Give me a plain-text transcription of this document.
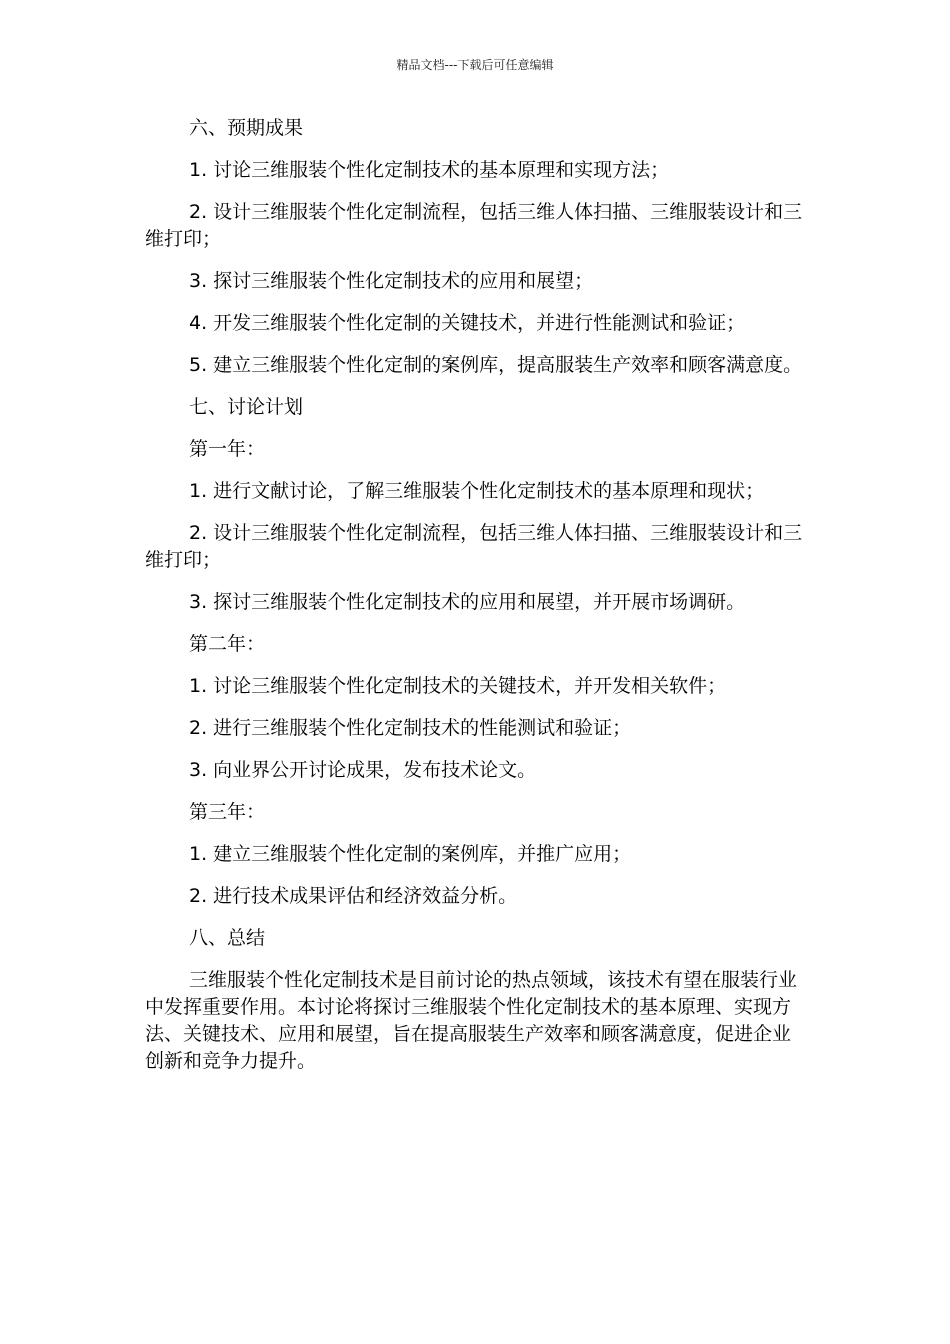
精品文档---下载后可任意编辑

六、预期成果

1. 讨论三维服装个性化定制技术的基本原理和实现方法；

2. 设计三维服装个性化定制流程，包括三维人体扫描、三维服装设计和三维打印；

3. 探讨三维服装个性化定制技术的应用和展望；

4. 开发三维服装个性化定制的关键技术，并进行性能测试和验证；

5. 建立三维服装个性化定制的案例库，提高服装生产效率和顾客满意度。

七、讨论计划

第一年：

1. 进行文献讨论，了解三维服装个性化定制技术的基本原理和现状；

2. 设计三维服装个性化定制流程，包括三维人体扫描、三维服装设计和三维打印；

3. 探讨三维服装个性化定制技术的应用和展望，并开展市场调研。

第二年：

1. 讨论三维服装个性化定制技术的关键技术，并开发相关软件；

2. 进行三维服装个性化定制技术的性能测试和验证；

3. 向业界公开讨论成果，发布技术论文。

第三年：

1. 建立三维服装个性化定制的案例库，并推广应用；

2. 进行技术成果评估和经济效益分析。

八、总结

三维服装个性化定制技术是目前讨论的热点领域，该技术有望在服装行业中发挥重要作用。本讨论将探讨三维服装个性化定制技术的基本原理、实现方法、关键技术、应用和展望，旨在提高服装生产效率和顾客满意度，促进企业创新和竞争力提升。
